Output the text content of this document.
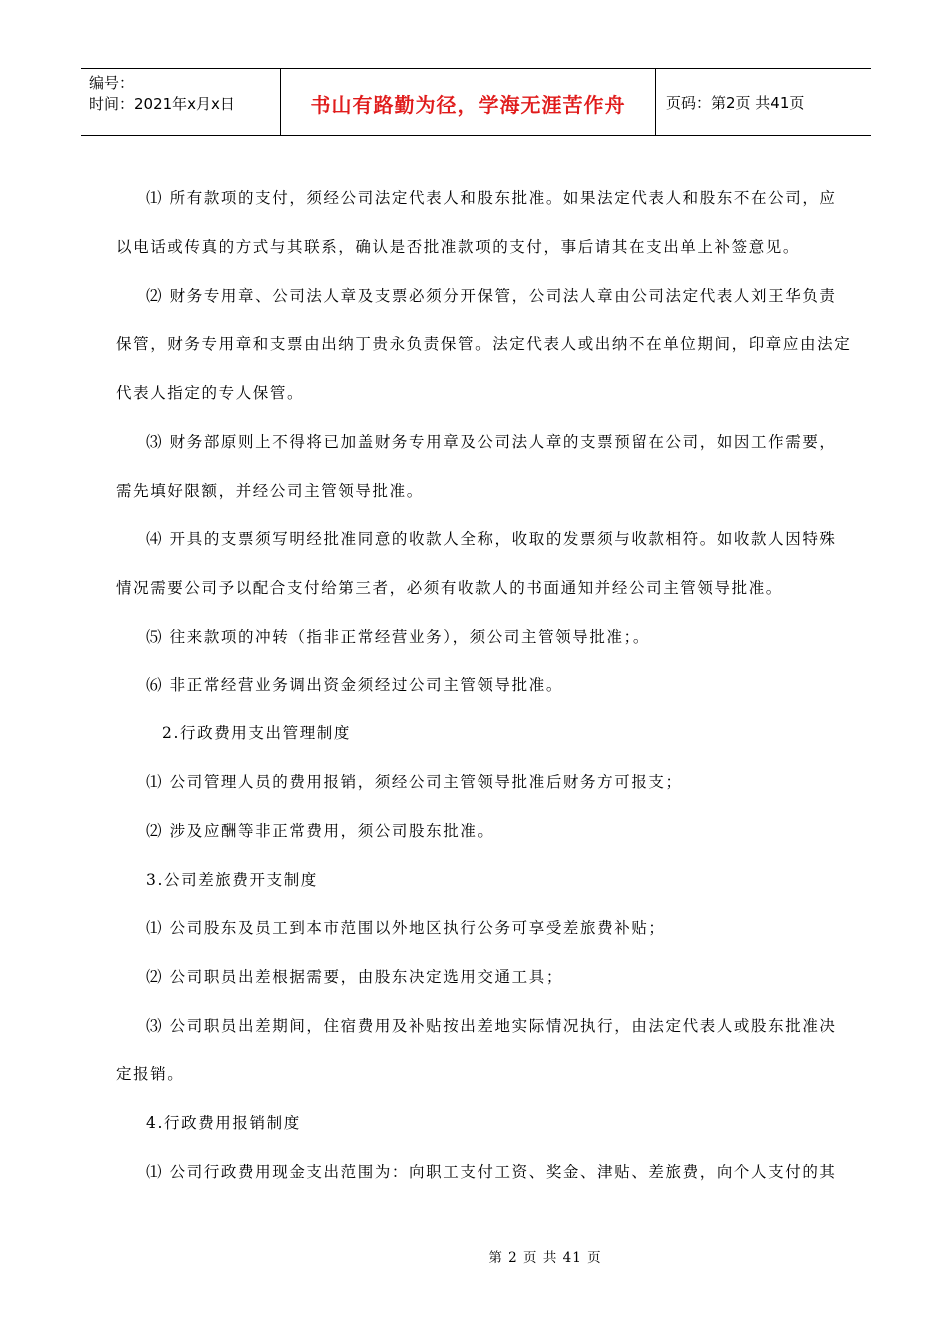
编号：
时间：2021年x月x日	书山有路勤为径，学海无涯苦作舟	页码：第2页 共41页
⑴ 所有款项的支付，须经公司法定代表人和股东批准。如果法定代表人和股东不在公司，应
以电话或传真的方式与其联系，确认是否批准款项的支付，事后请其在支出单上补签意见。
⑵ 财务专用章、公司法人章及支票必须分开保管，公司法人章由公司法定代表人刘王华负责
保管，财务专用章和支票由出纳丁贵永负责保管。法定代表人或出纳不在单位期间，印章应由法定
代表人指定的专人保管。
⑶ 财务部原则上不得将已加盖财务专用章及公司法人章的支票预留在公司，如因工作需要，
需先填好限额，并经公司主管领导批准。
⑷ 开具的支票须写明经批准同意的收款人全称，收取的发票须与收款相符。如收款人因特殊
情况需要公司予以配合支付给第三者，必须有收款人的书面通知并经公司主管领导批准。
⑸ 往来款项的冲转（指非正常经营业务），须公司主管领导批准；。
⑹ 非正常经营业务调出资金须经过公司主管领导批准。
2.行政费用支出管理制度
⑴ 公司管理人员的费用报销，须经公司主管领导批准后财务方可报支；
⑵ 涉及应酬等非正常费用，须公司股东批准。
3.公司差旅费开支制度
⑴ 公司股东及员工到本市范围以外地区执行公务可享受差旅费补贴；
⑵ 公司职员出差根据需要，由股东决定选用交通工具；
⑶ 公司职员出差期间，住宿费用及补贴按出差地实际情况执行，由法定代表人或股东批准决
定报销。
4.行政费用报销制度
⑴ 公司行政费用现金支出范围为：向职工支付工资、奖金、津贴、差旅费，向个人支付的其
第 2 页 共 41 页
